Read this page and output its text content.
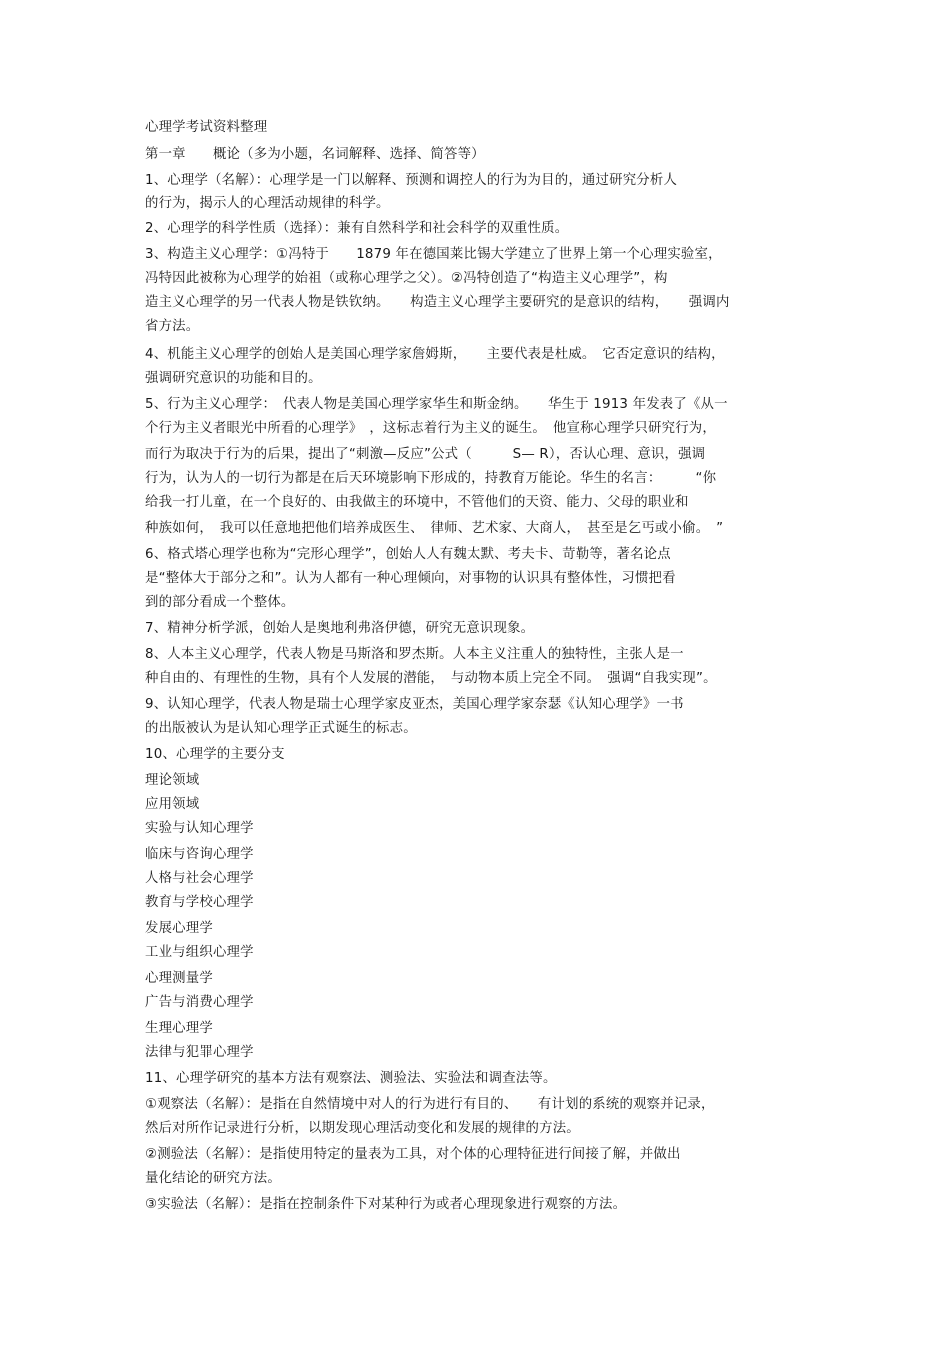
心理学考试资料整理

第一章　　概论（多为小题，名词解释、选择、简答等）

1、心理学（名解）：心理学是一门以解释、预测和调控人的行为为目的，通过研究分析人

的行为，揭示人的心理活动规律的科学。

2、心理学的科学性质（选择）：兼有自然科学和社会科学的双重性质。

3、构造主义心理学：①冯特于　　1879 年在德国莱比锡大学建立了世界上第一个心理实验室，

冯特因此被称为心理学的始祖（或称心理学之父）。②冯特创造了“构造主义心理学”，构

造主义心理学的另一代表人物是铁钦纳。　　构造主义心理学主要研究的是意识的结构，　　强调内

省方法。

4、机能主义心理学的创始人是美国心理学家詹姆斯，　　主要代表是杜威。　它否定意识的结构，

强调研究意识的功能和目的。

5、行为主义心理学：　代表人物是美国心理学家华生和斯金纳。　　华生于 1913 年发表了《从一

个行为主义者眼光中所看的心理学》　，这标志着行为主义的诞生。　他宣称心理学只研究行为，

而行为取决于行为的后果，提出了“刺激—反应”公式（　　　S— R），否认心理、意识，强调

行为，认为人的一切行为都是在后天环境影响下形成的，持教育万能论。华生的名言：　　　“你

给我一打儿童，在一个良好的、由我做主的环境中，不管他们的天资、能力、父母的职业和

种族如何，　我可以任意地把他们培养成医生、　律师、艺术家、大商人，　甚至是乞丐或小偷。　”

6、格式塔心理学也称为“完形心理学”，创始人人有魏太默、考夫卡、苛勒等，著名论点

是“整体大于部分之和”。认为人都有一种心理倾向，对事物的认识具有整体性，习惯把看

到的部分看成一个整体。

7、精神分析学派，创始人是奥地利弗洛伊德，研究无意识现象。

8、人本主义心理学，代表人物是马斯洛和罗杰斯。人本主义注重人的独特性，主张人是一

种自由的、有理性的生物，具有个人发展的潜能，　与动物本质上完全不同。　强调“自我实现”。

9、认知心理学，代表人物是瑞士心理学家皮亚杰，美国心理学家奈瑟《认知心理学》一书

的出版被认为是认知心理学正式诞生的标志。

10、心理学的主要分支

理论领域

应用领域

实验与认知心理学

临床与咨询心理学

人格与社会心理学

教育与学校心理学

发展心理学

工业与组织心理学

心理测量学

广告与消费心理学

生理心理学

法律与犯罪心理学

11、心理学研究的基本方法有观察法、测验法、实验法和调查法等。

①观察法（名解）：是指在自然情境中对人的行为进行有目的、　　有计划的系统的观察并记录，

然后对所作记录进行分析，以期发现心理活动变化和发展的规律的方法。

②测验法（名解）：是指使用特定的量表为工具，对个体的心理特征进行间接了解，并做出

量化结论的研究方法。

③实验法（名解）：是指在控制条件下对某种行为或者心理现象进行观察的方法。
